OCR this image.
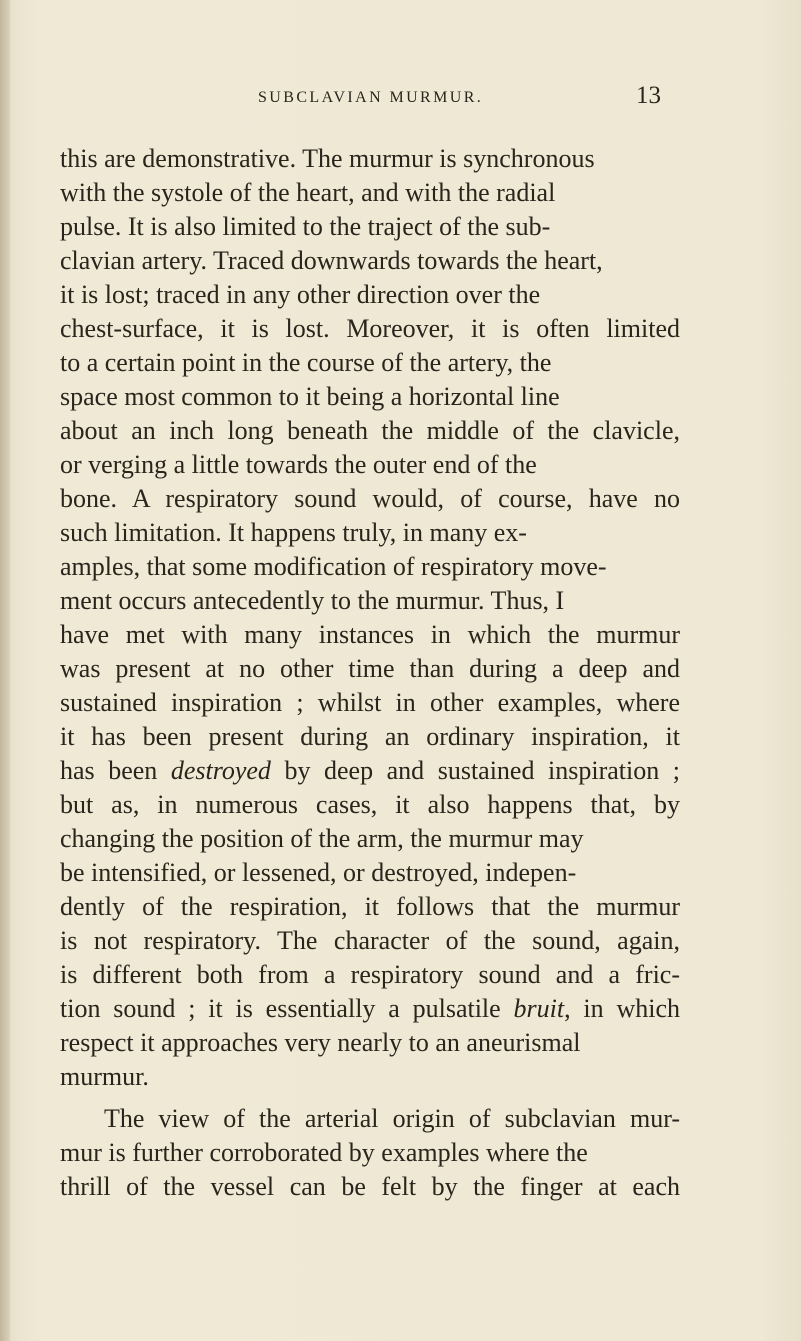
SUBCLAVIAN MURMUR.	13
this are demonstrative. The murmur is synchronous
with the systole of the heart, and with the radial
pulse. It is also limited to the traject of the sub-
clavian artery. Traced downwards towards the heart,
it is lost; traced in any other direction over the
chest-surface, it is lost. Moreover, it is often limited
to a certain point in the course of the artery, the
space most common to it being a horizontal line
about an inch long beneath the middle of the clavicle,
or verging a little towards the outer end of the
bone. A respiratory sound would, of course, have no
such limitation. It happens truly, in many ex-
amples, that some modification of respiratory move-
ment occurs antecedently to the murmur. Thus, I
have met with many instances in which the murmur
was present at no other time than during a deep and
sustained inspiration ; whilst in other examples, where
it has been present during an ordinary inspiration, it
has been destroyed by deep and sustained inspiration ;
but as, in numerous cases, it also happens that, by
changing the position of the arm, the murmur may
be intensified, or lessened, or destroyed, indepen-
dently of the respiration, it follows that the murmur
is not respiratory. The character of the sound, again,
is different both from a respiratory sound and a fric-
tion sound ; it is essentially a pulsatile bruit, in which
respect it approaches very nearly to an aneurismal
murmur.
The view of the arterial origin of subclavian mur-
mur is further corroborated by examples where the
thrill of the vessel can be felt by the finger at each
